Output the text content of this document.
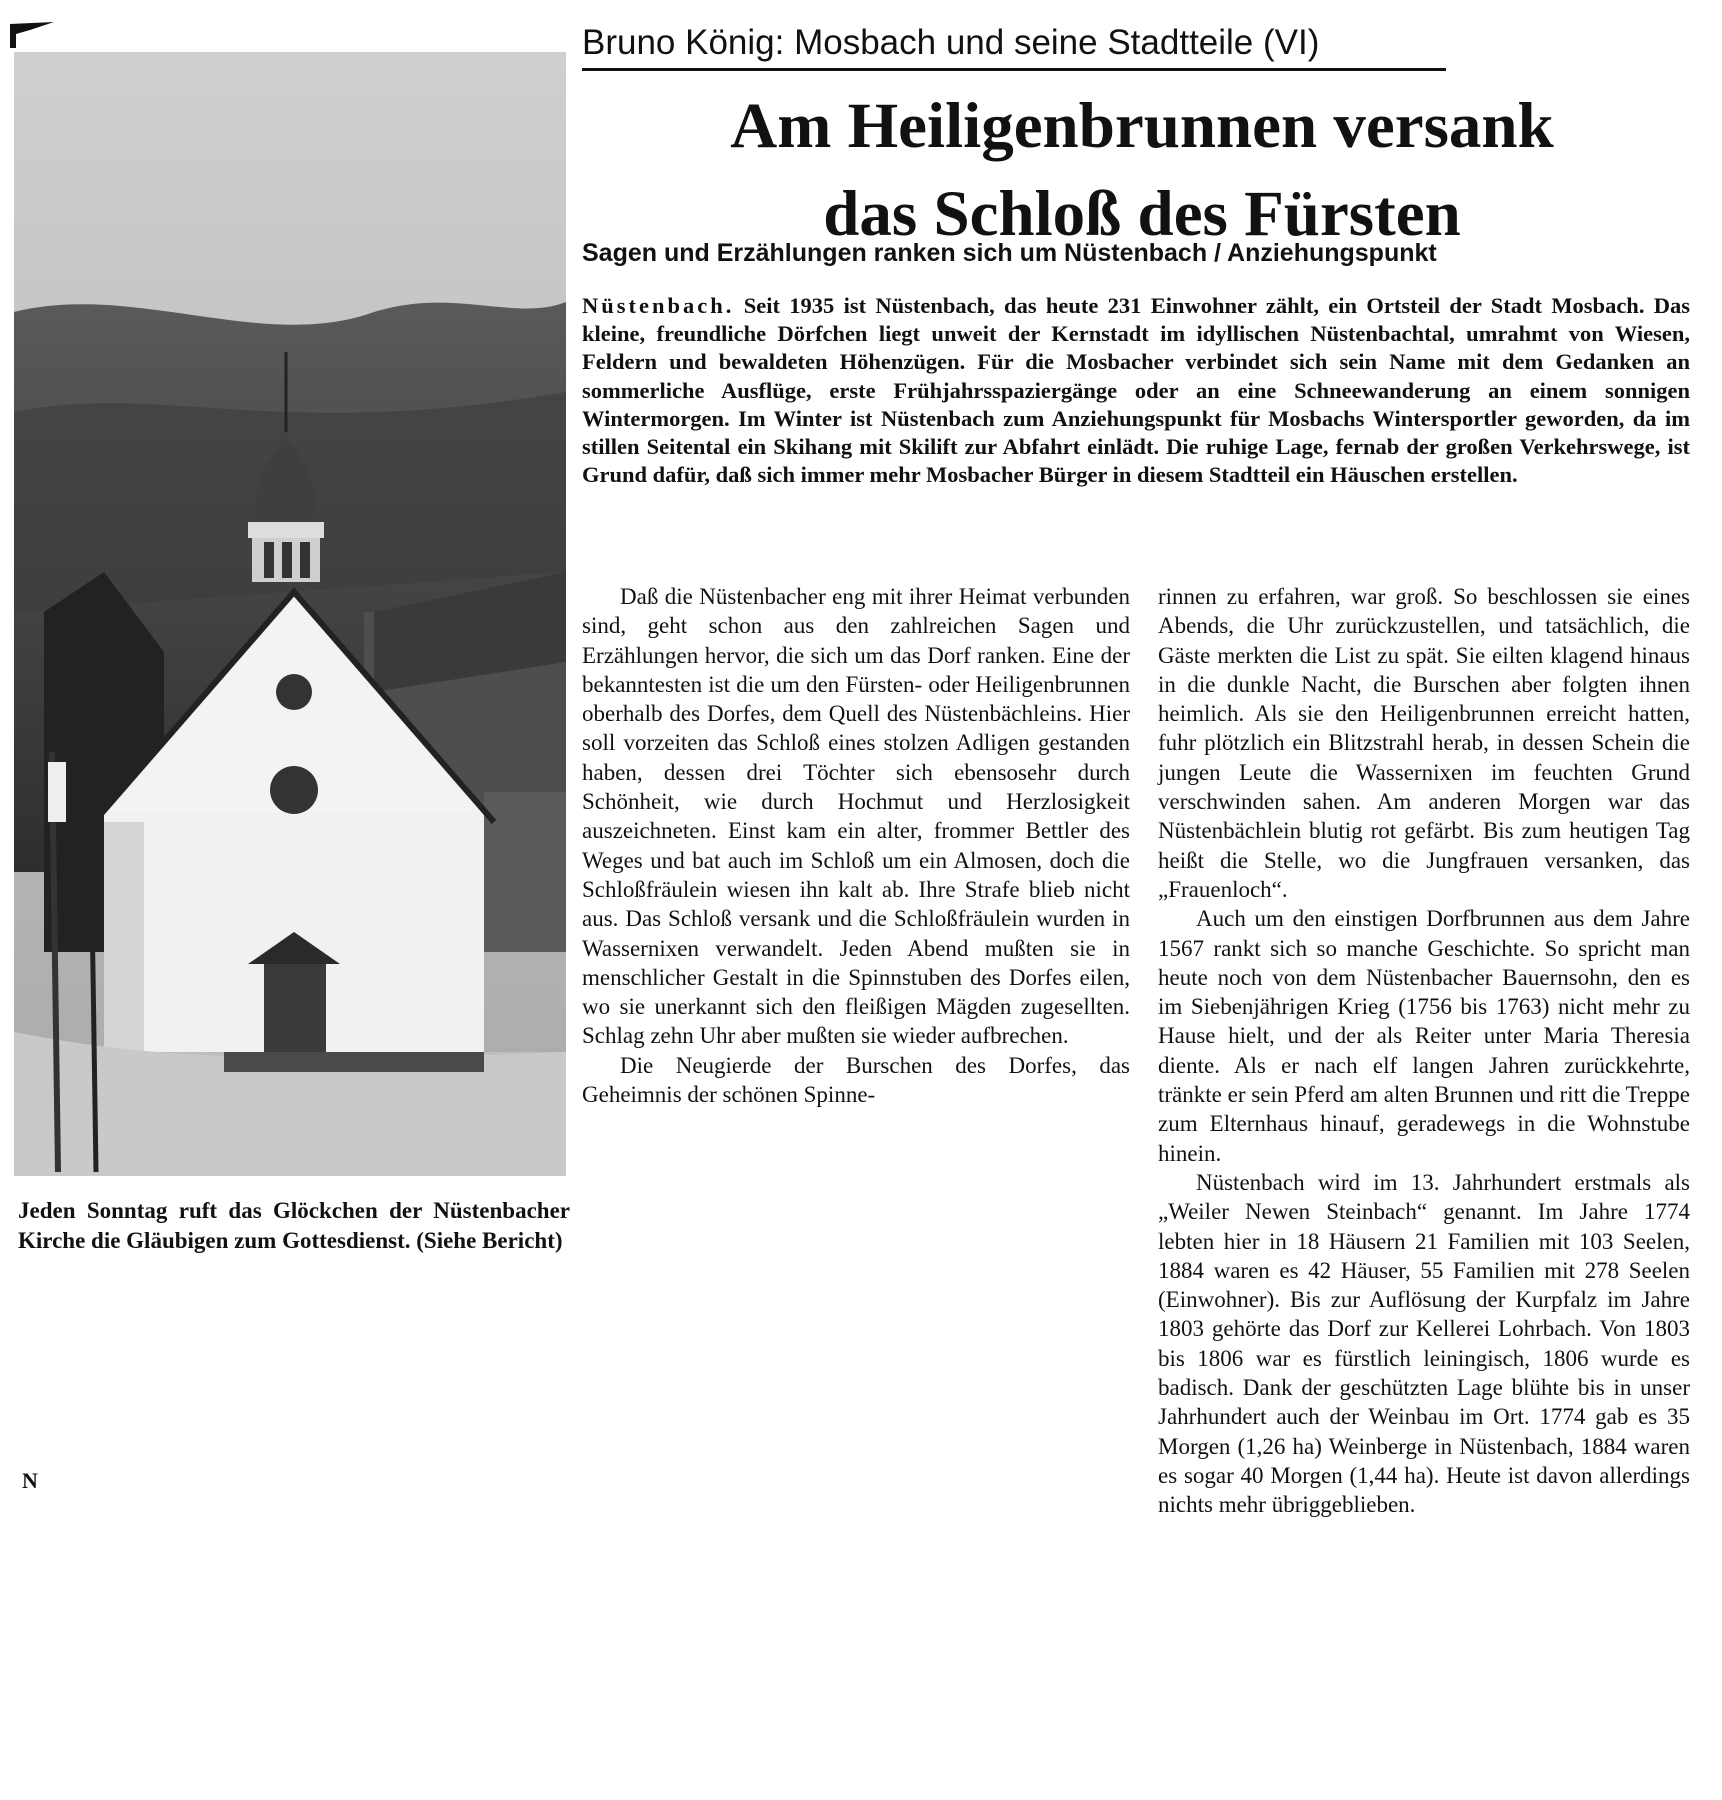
Jeden Sonntag ruft das Glöckchen der Nüstenbacher Kirche die Gläubigen zum Gottesdienst. (Siehe Bericht)
N
Bruno König: Mosbach und seine Stadtteile (VI)
Am Heiligenbrunnen versank
das Schloß des Fürsten
Sagen und Erzählungen ranken sich um Nüstenbach / Anziehungspunkt

Nüstenbach. Seit 1935 ist Nüstenbach, das heute 231 Einwohner zählt, ein Ortsteil der Stadt Mosbach. Das kleine, freundliche Dörfchen liegt unweit der Kernstadt im idyllischen Nüstenbachtal, umrahmt von Wiesen, Feldern und bewaldeten Höhenzügen. Für die Mosbacher verbindet sich sein Name mit dem Gedanken an sommerliche Ausflüge, erste Frühjahrsspaziergänge oder an eine Schneewanderung an einem sonnigen Wintermorgen. Im Winter ist Nüstenbach zum Anziehungspunkt für Mosbachs Wintersportler geworden, da im stillen Seitental ein Skihang mit Skilift zur Abfahrt einlädt. Die ruhige Lage, fernab der großen Verkehrswege, ist Grund dafür, daß sich immer mehr Mosbacher Bürger in diesem Stadtteil ein Häuschen erstellen.

Daß die Nüstenbacher eng mit ihrer Heimat verbunden sind, geht schon aus den zahlreichen Sagen und Erzählungen hervor, die sich um das Dorf ranken. Eine der bekanntesten ist die um den Fürsten- oder Heiligenbrunnen oberhalb des Dorfes, dem Quell des Nüstenbächleins. Hier soll vorzeiten das Schloß eines stolzen Adligen gestanden haben, dessen drei Töchter sich ebensosehr durch Schönheit, wie durch Hochmut und Herzlosigkeit auszeichneten. Einst kam ein alter, frommer Bettler des Weges und bat auch im Schloß um ein Almosen, doch die Schloßfräulein wiesen ihn kalt ab. Ihre Strafe blieb nicht aus. Das Schloß versank und die Schloßfräulein wurden in Wassernixen verwandelt. Jeden Abend mußten sie in menschlicher Gestalt in die Spinnstuben des Dorfes eilen, wo sie unerkannt sich den fleißigen Mägden zugesellten. Schlag zehn Uhr aber mußten sie wieder aufbrechen.

Die Neugierde der Burschen des Dorfes, das Geheimnis der schönen Spinne-

rinnen zu erfahren, war groß. So beschlossen sie eines Abends, die Uhr zurückzustellen, und tatsächlich, die Gäste merkten die List zu spät. Sie eilten klagend hinaus in die dunkle Nacht, die Burschen aber folgten ihnen heimlich. Als sie den Heiligenbrunnen erreicht hatten, fuhr plötzlich ein Blitzstrahl herab, in dessen Schein die jungen Leute die Wassernixen im feuchten Grund verschwinden sahen. Am anderen Morgen war das Nüstenbächlein blutig rot gefärbt. Bis zum heutigen Tag heißt die Stelle, wo die Jungfrauen versanken, das „Frauenloch“.

Auch um den einstigen Dorfbrunnen aus dem Jahre 1567 rankt sich so manche Geschichte. So spricht man heute noch von dem Nüstenbacher Bauernsohn, den es im Siebenjährigen Krieg (1756 bis 1763) nicht mehr zu Hause hielt, und der als Reiter unter Maria Theresia diente. Als er nach elf langen Jahren zurückkehrte, tränkte er sein Pferd am alten Brunnen und ritt die Treppe zum Elternhaus hinauf, geradewegs in die Wohnstube hinein.

Nüstenbach wird im 13. Jahrhundert erstmals als „Weiler Newen Steinbach“ genannt. Im Jahre 1774 lebten hier in 18 Häusern 21 Familien mit 103 Seelen, 1884 waren es 42 Häuser, 55 Familien mit 278 Seelen (Einwohner). Bis zur Auflösung der Kurpfalz im Jahre 1803 gehörte das Dorf zur Kellerei Lohrbach. Von 1803 bis 1806 war es fürstlich leiningisch, 1806 wurde es badisch. Dank der geschützten Lage blühte bis in unser Jahrhundert auch der Weinbau im Ort. 1774 gab es 35 Morgen (1,26 ha) Weinberge in Nüstenbach, 1884 waren es sogar 40 Morgen (1,44 ha). Heute ist davon allerdings nichts mehr übriggeblieben.
